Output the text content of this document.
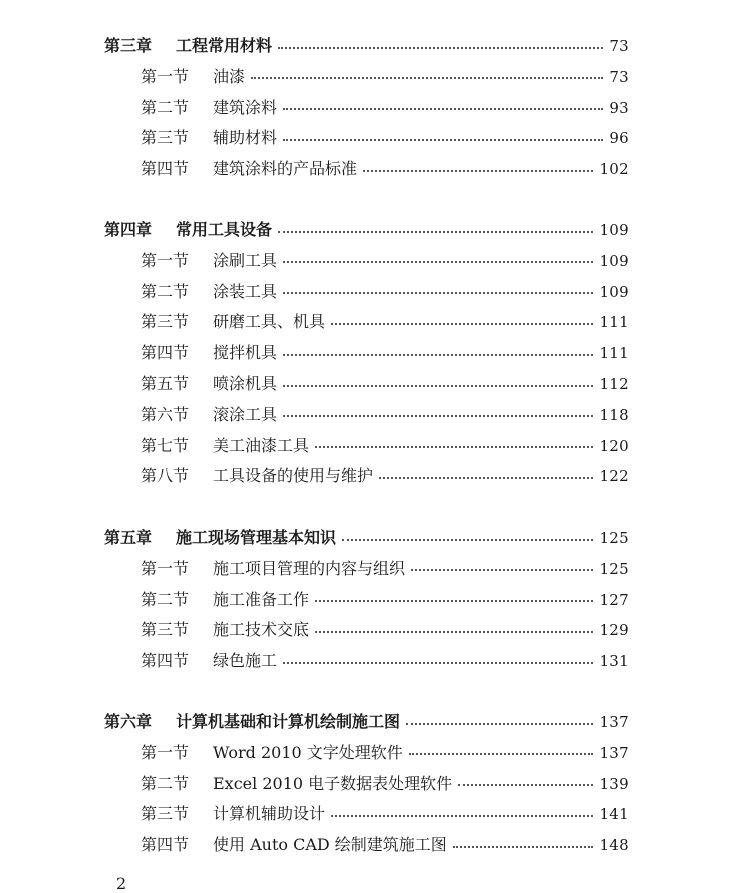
第三章	工程常用材料	73
第一节	油漆	73
第二节	建筑涂料	93
第三节	辅助材料	96
第四节	建筑涂料的产品标准	102
第四章	常用工具设备	109
第一节	涂刷工具	109
第二节	涂装工具	109
第三节	研磨工具、机具	111
第四节	搅拌机具	111
第五节	喷涂机具	112
第六节	滚涂工具	118
第七节	美工油漆工具	120
第八节	工具设备的使用与维护	122
第五章	施工现场管理基本知识	125
第一节	施工项目管理的内容与组织	125
第二节	施工准备工作	127
第三节	施工技术交底	129
第四节	绿色施工	131
第六章	计算机基础和计算机绘制施工图	137
第一节	Word 2010 文字处理软件	137
第二节	Excel 2010 电子数据表处理软件	139
第三节	计算机辅助设计	141
第四节	使用 Auto CAD 绘制建筑施工图	148
2
